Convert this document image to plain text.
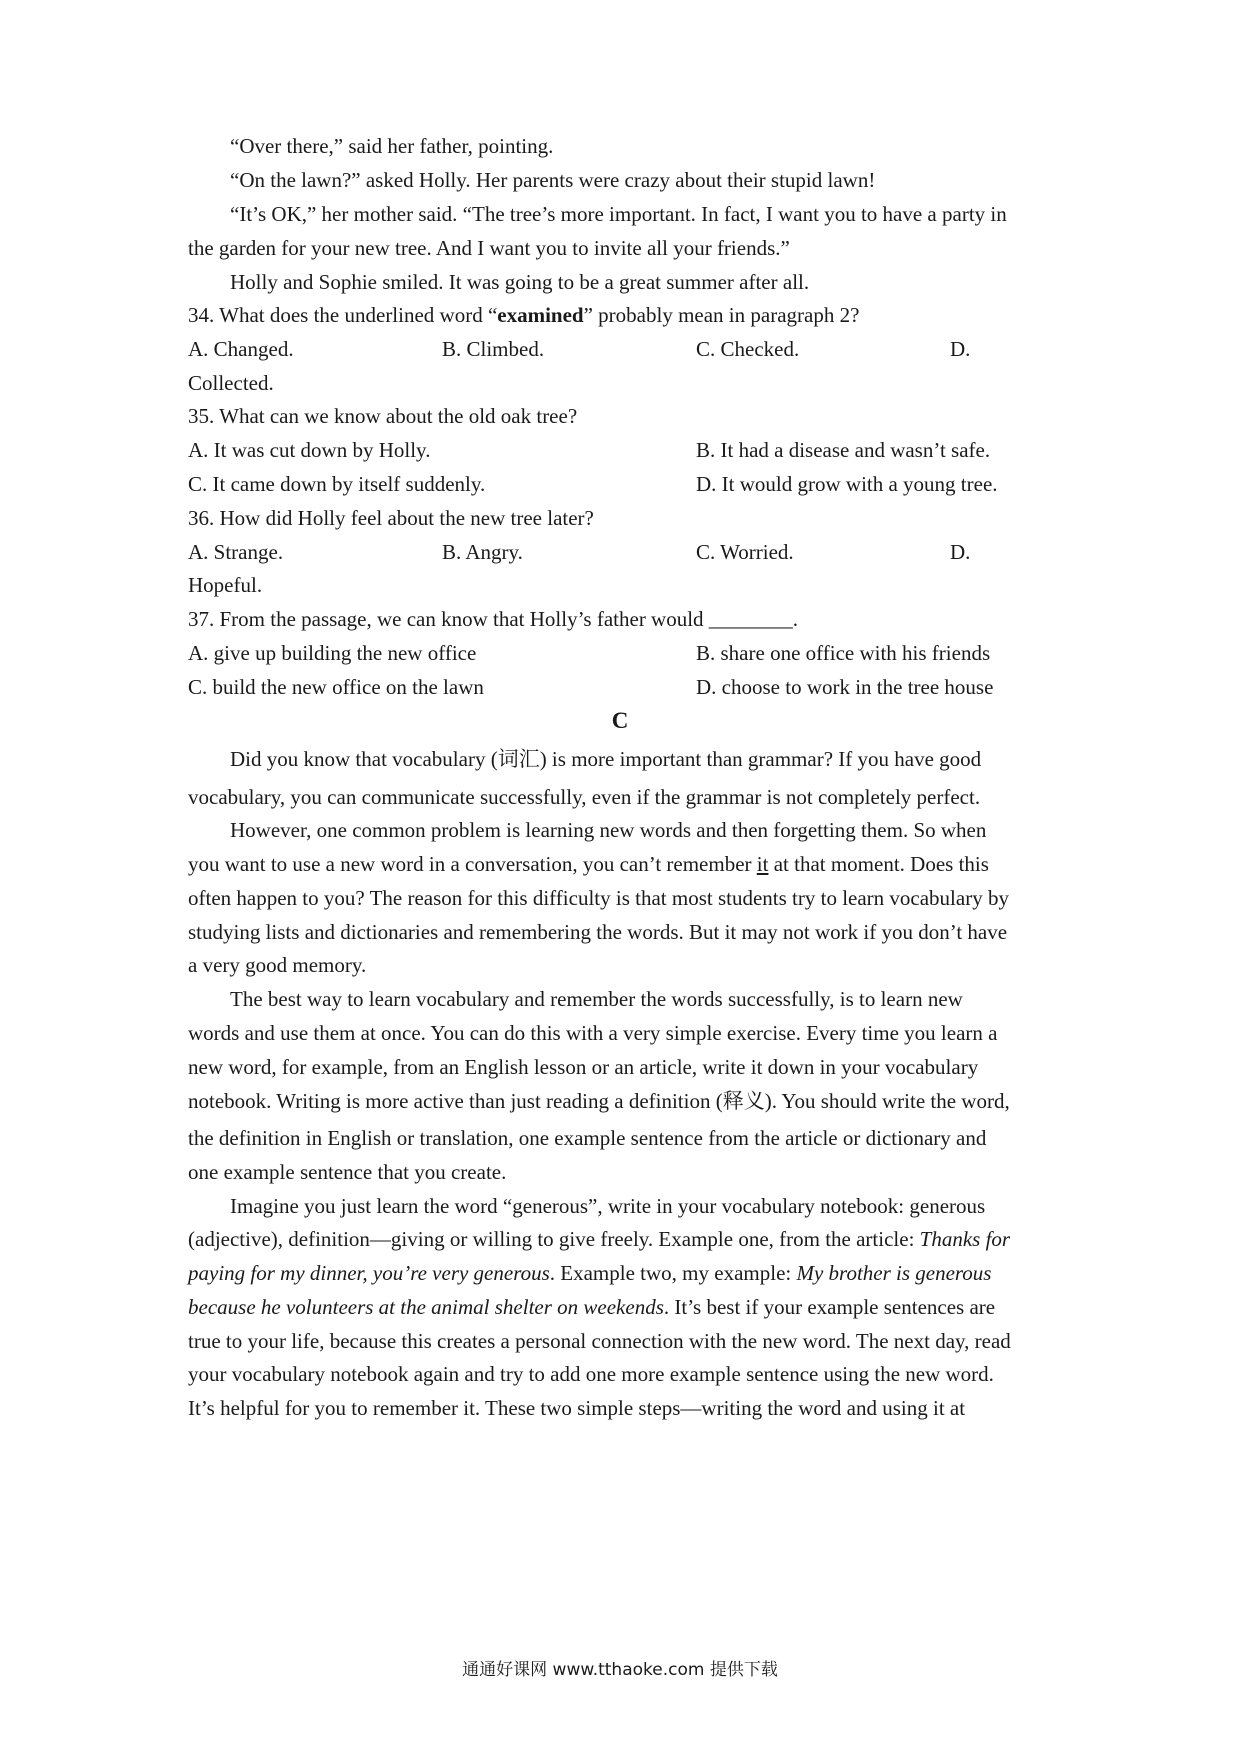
“Over there,” said her father, pointing.
“On the lawn?” asked Holly. Her parents were crazy about their stupid lawn!
“It’s OK,” her mother said. “The tree’s more important. In fact, I want you to have a party in
the garden for your new tree. And I want you to invite all your friends.”
Holly and Sophie smiled. It was going to be a great summer after all.
34. What does the underlined word “examined” probably mean in paragraph 2?
A. Changed.	B. Climbed.	C. Checked.	D.
Collected.
35. What can we know about the old oak tree?
A. It was cut down by Holly.	B. It had a disease and wasn’t safe.
C. It came down by itself suddenly.	D. It would grow with a young tree.
36. How did Holly feel about the new tree later?
A. Strange.	B. Angry.	C. Worried.	D.
Hopeful.
37. From the passage, we can know that Holly’s father would ________.
A. give up building the new office	B. share one office with his friends
C. build the new office on the lawn	D. choose to work in the tree house
C
Did you know that vocabulary (词汇) is more important than grammar? If you have good
vocabulary, you can communicate successfully, even if the grammar is not completely perfect.
However, one common problem is learning new words and then forgetting them. So when
you want to use a new word in a conversation, you can’t remember it at that moment. Does this
often happen to you? The reason for this difficulty is that most students try to learn vocabulary by
studying lists and dictionaries and remembering the words. But it may not work if you don’t have
a very good memory.
The best way to learn vocabulary and remember the words successfully, is to learn new
words and use them at once. You can do this with a very simple exercise. Every time you learn a
new word, for example, from an English lesson or an article, write it down in your vocabulary
notebook. Writing is more active than just reading a definition (释义). You should write the word,
the definition in English or translation, one example sentence from the article or dictionary and
one example sentence that you create.
Imagine you just learn the word “generous”, write in your vocabulary notebook: generous
(adjective), definition—giving or willing to give freely. Example one, from the article: Thanks for
paying for my dinner, you’re very generous. Example two, my example: My brother is generous
because he volunteers at the animal shelter on weekends. It’s best if your example sentences are
true to your life, because this creates a personal connection with the new word. The next day, read
your vocabulary notebook again and try to add one more example sentence using the new word.
It’s helpful for you to remember it. These two simple steps—writing the word and using it at
通通好课网 www.tthaoke.com 提供下载
